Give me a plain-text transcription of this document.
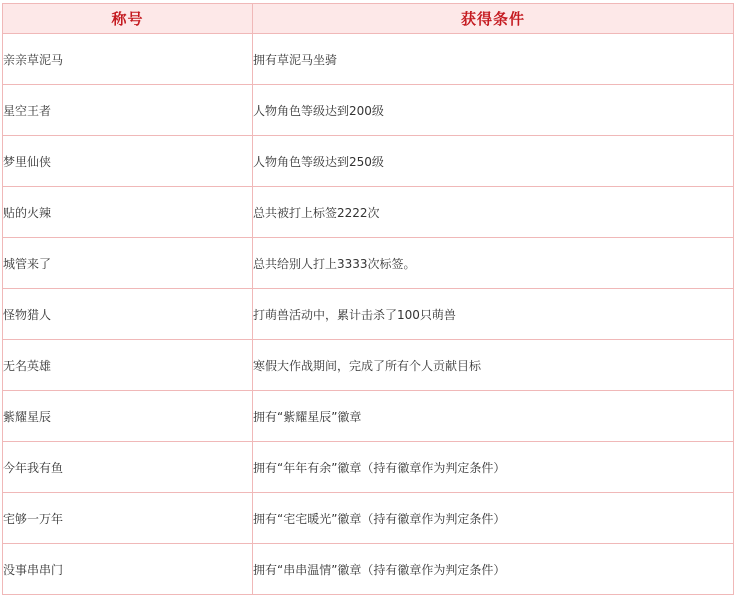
称号	获得条件
亲亲草泥马	拥有草泥马坐骑
星空王者	人物角色等级达到200级
梦里仙侠	人物角色等级达到250级
贴的火辣	总共被打上标签2222次
城管来了	总共给别人打上3333次标签。
怪物猎人	打萌兽活动中，累计击杀了100只萌兽
无名英雄	寒假大作战期间，完成了所有个人贡献目标
紫耀星辰	拥有“紫耀星辰”徽章
今年我有鱼	拥有“年年有余”徽章（持有徽章作为判定条件）
宅够一万年	拥有“宅宅暖光”徽章（持有徽章作为判定条件）
没事串串门	拥有“串串温情”徽章（持有徽章作为判定条件）
